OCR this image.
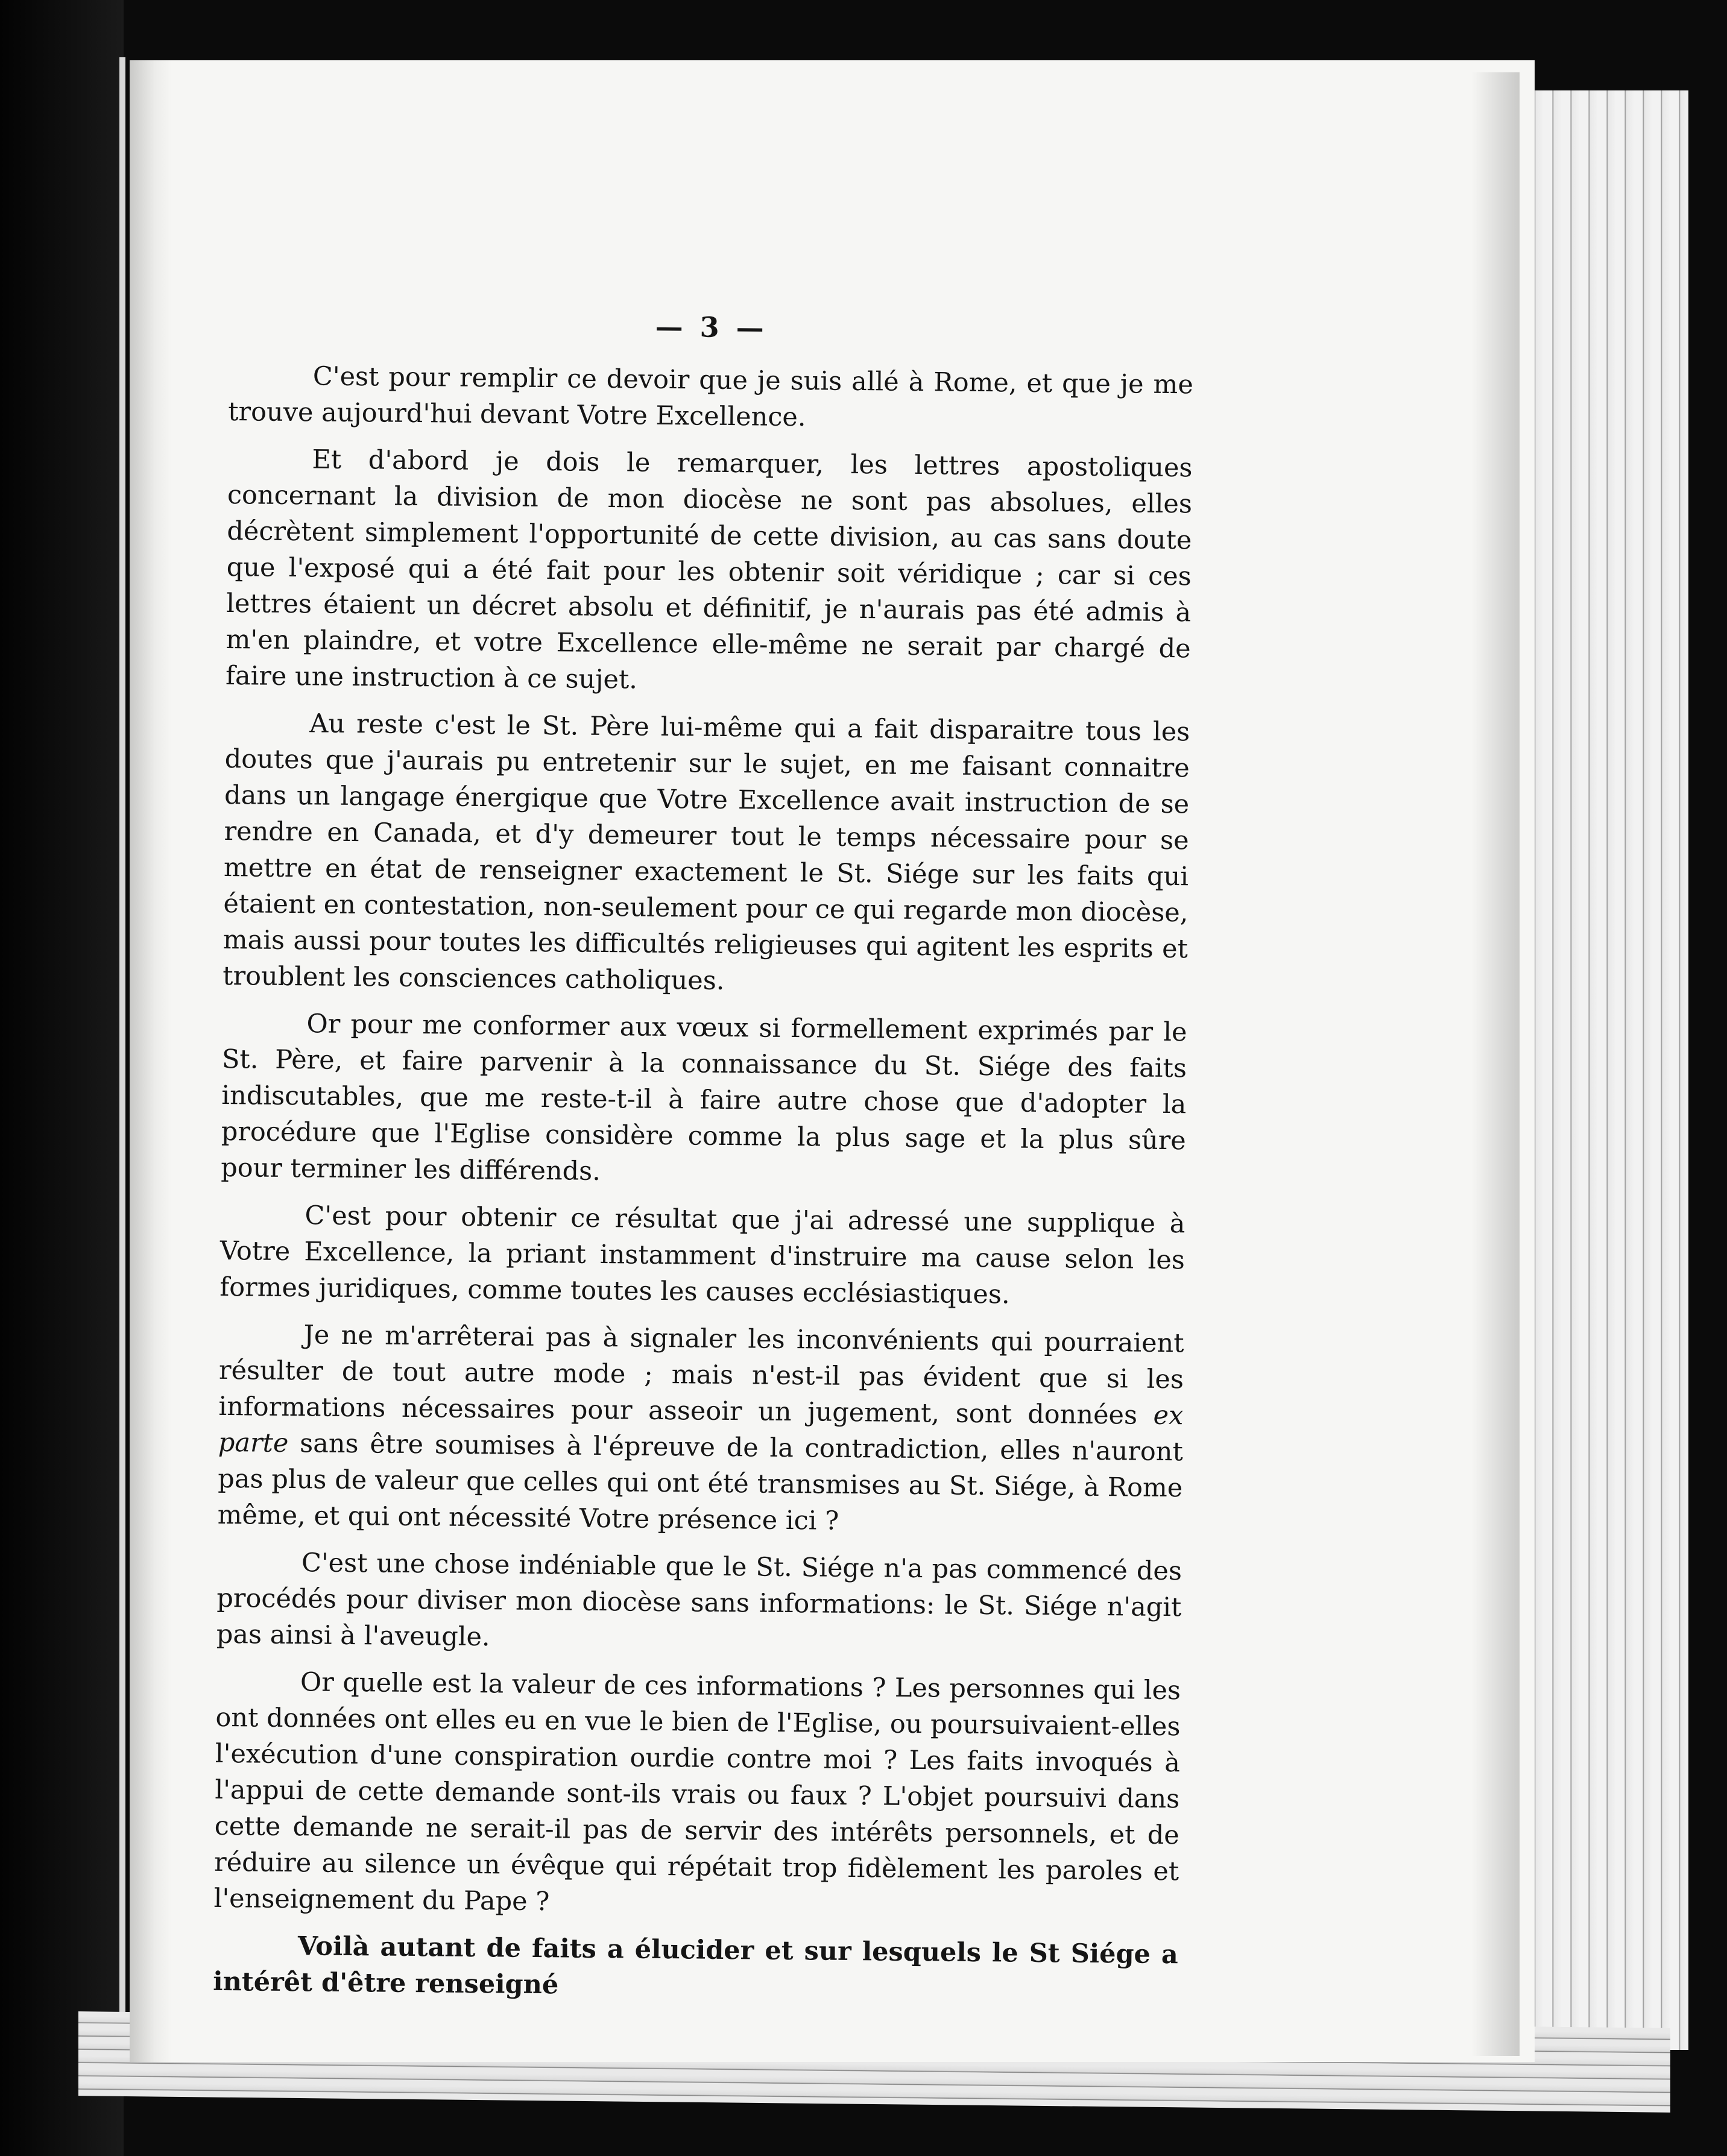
— 3 —

C'est pour remplir ce devoir que je suis allé à Rome, et que je me trouve aujourd'hui devant Votre Excellence.

Et d'abord je dois le remarquer, les lettres apostoliques concernant la division de mon diocèse ne sont pas absolues, elles décrètent simplement l'opportunité de cette division, au cas sans doute que l'exposé qui a été fait pour les obtenir soit véridique ; car si ces lettres étaient un décret absolu et définitif, je n'aurais pas été admis à m'en plaindre, et votre Excellence elle-même ne serait par chargé de faire une instruction à ce sujet.

Au reste c'est le St. Père lui-même qui a fait disparaitre tous les doutes que j'aurais pu entretenir sur le sujet, en me faisant connaitre dans un langage énergique que Votre Excellence avait instruction de se rendre en Canada, et d'y demeurer tout le temps nécessaire pour se mettre en état de renseigner exactement le St. Siége sur les faits qui étaient en contestation, non-seulement pour ce qui regarde mon diocèse, mais aussi pour toutes les difficultés religieuses qui agitent les esprits et troublent les consciences catholiques.

Or pour me conformer aux vœux si formellement exprimés par le St. Père, et faire parvenir à la connaissance du St. Siége des faits indiscutables, que me reste-t-il à faire autre chose que d'adopter la procédure que l'Eglise considère comme la plus sage et la plus sûre pour terminer les différends.

C'est pour obtenir ce résultat que j'ai adressé une supplique à Votre Excellence, la priant instamment d'instruire ma cause selon les formes juridiques, comme toutes les causes ecclésiastiques.

Je ne m'arrêterai pas à signaler les inconvénients qui pourraient résulter de tout autre mode ; mais n'est-il pas évident que si les informations nécessaires pour asseoir un jugement, sont données ex parte sans être soumises à l'épreuve de la contradiction, elles n'auront pas plus de valeur que celles qui ont été transmises au St. Siége, à Rome même, et qui ont nécessité Votre présence ici ?

C'est une chose indéniable que le St. Siége n'a pas commencé des procédés pour diviser mon diocèse sans informations: le St. Siége n'agit pas ainsi à l'aveugle.

Or quelle est la valeur de ces informations ? Les personnes qui les ont données ont elles eu en vue le bien de l'Eglise, ou poursuivaient-elles l'exécution d'une conspiration ourdie contre moi ? Les faits invoqués à l'appui de cette demande sont-ils vrais ou faux ? L'objet poursuivi dans cette demande ne serait-il pas de servir des intérêts personnels, et de réduire au silence un évêque qui répétait trop fidèlement les paroles et l'enseignement du Pape ?

Voilà autant de faits a élucider et sur lesquels le St Siége a intérêt d'être renseigné
